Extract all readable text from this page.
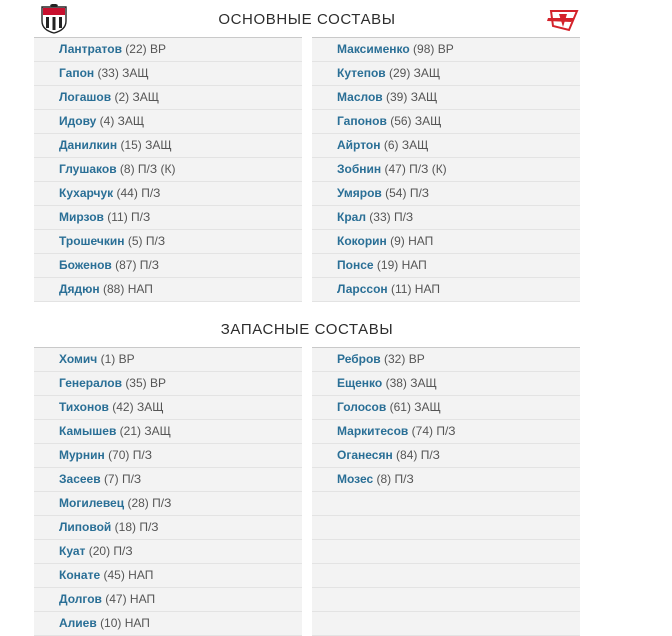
ОСНОВНЫЕ СОСТАВЫ
ЗАПАСНЫЕ СОСТАВЫ
Лантратов (22) ВР
Гапон (33) ЗАЩ
Логашов (2) ЗАЩ
Идову (4) ЗАЩ
Данилкин (15) ЗАЩ
Глушаков (8) П/З (К)
Кухарчук (44) П/З
Мирзов (11) П/З
Трошечкин (5) П/З
Боженов (87) П/З
Дядюн (88) НАП
Максименко (98) ВР
Кутепов (29) ЗАЩ
Маслов (39) ЗАЩ
Гапонов (56) ЗАЩ
Айртон (6) ЗАЩ
Зобнин (47) П/З (К)
Умяров (54) П/З
Крал (33) П/З
Кокорин (9) НАП
Понсе (19) НАП
Ларссон (11) НАП
Хомич (1) ВР
Генералов (35) ВР
Тихонов (42) ЗАЩ
Камышев (21) ЗАЩ
Мурнин (70) П/З
Засеев (7) П/З
Могилевец (28) П/З
Липовой (18) П/З
Куат (20) П/З
Конате (45) НАП
Долгов (47) НАП
Алиев (10) НАП
Ребров (32) ВР
Ещенко (38) ЗАЩ
Голосов (61) ЗАЩ
Маркитесов (74) П/З
Оганесян (84) П/З
Мозес (8) П/З
